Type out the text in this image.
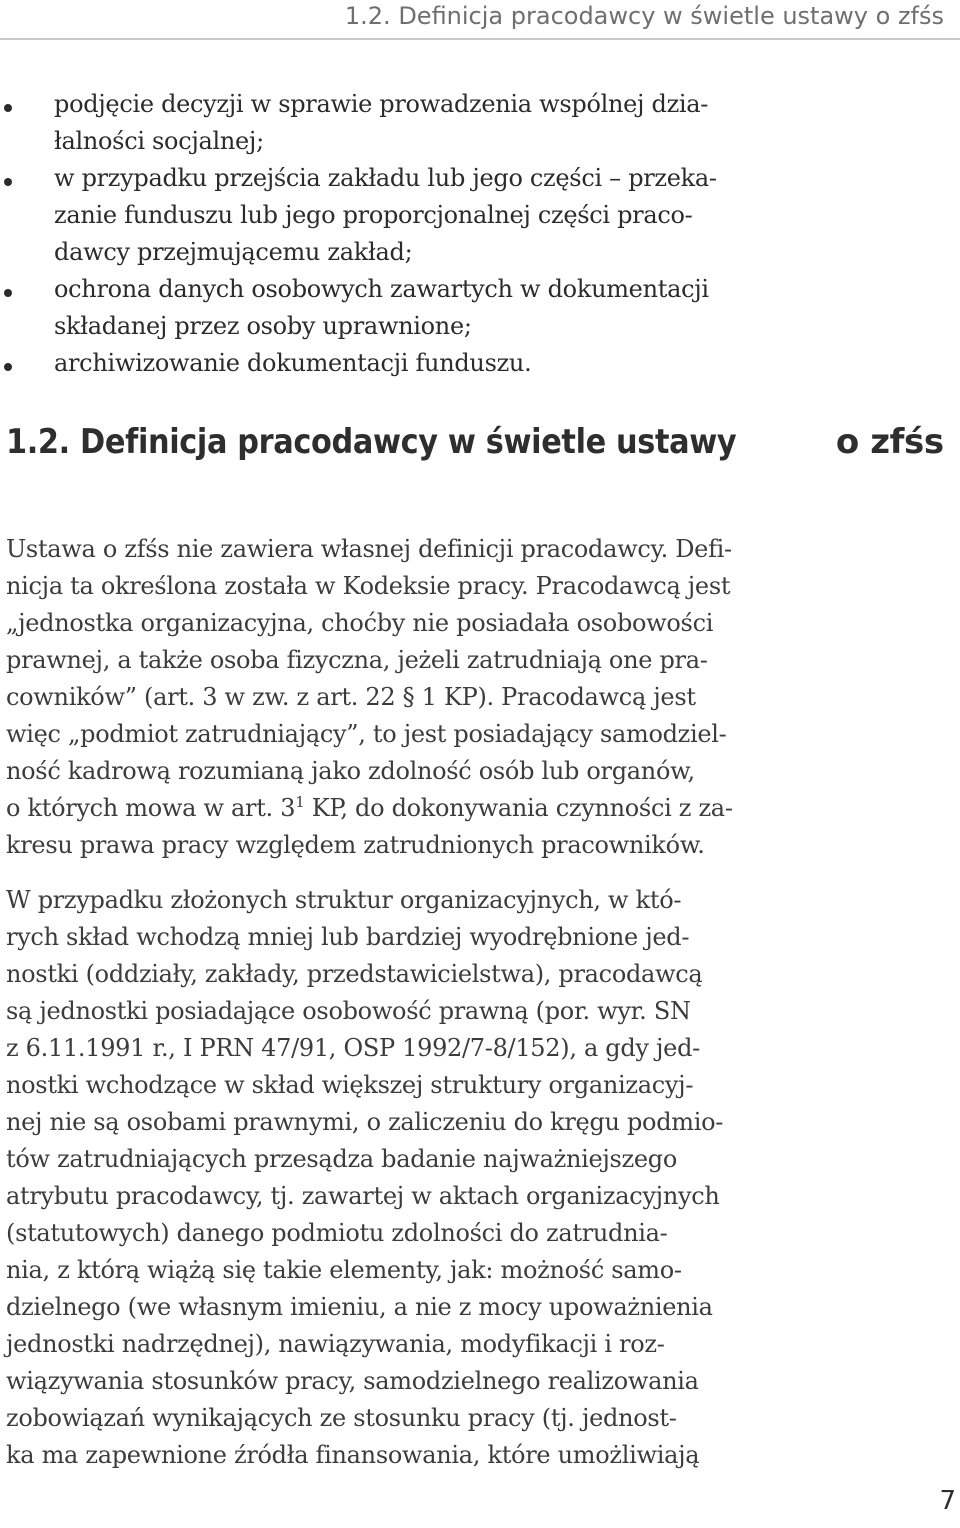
1.2. Definicja pracodawcy w świetle ustawy o zfśs
podjęcie decyzji w sprawie prowadzenia wspólnej dzia-
łalności socjalnej;
w przypadku przejścia zakładu lub jego części – przeka-
zanie funduszu lub jego proporcjonalnej części praco-
dawcy przejmującemu zakład;
ochrona danych osobowych zawartych w dokumentacji
składanej przez osoby uprawnione;
archiwizowanie dokumentacji funduszu.
1.2. Definicja pracodawcy w świetle ustawy	o zfśs
Ustawa o zfśs nie zawiera własnej definicji pracodawcy. Defi-
nicja ta określona została w Kodeksie pracy. Pracodawcą jest
„jednostka organizacyjna, choćby nie posiadała osobowości
prawnej, a także osoba fizyczna, jeżeli zatrudniają one pra-
cowników” (art. 3 w zw. z art. 22 § 1 KP). Pracodawcą jest
więc „podmiot zatrudniający”, to jest posiadający samodziel-
ność kadrową rozumianą jako zdolność osób lub organów,
o których mowa w art. $3^1$ KP, do dokonywania czynności z za-
kresu prawa pracy względem zatrudnionych pracowników.
W przypadku złożonych struktur organizacyjnych, w któ-
rych skład wchodzą mniej lub bardziej wyodrębnione jed-
nostki (oddziały, zakłady, przedstawicielstwa), pracodawcą
są jednostki posiadające osobowość prawną (por. wyr. SN
z 6.11.1991 r., I PRN 47/91, OSP 1992/7-8/152), a gdy jed-
nostki wchodzące w skład większej struktury organizacyj-
nej nie są osobami prawnymi, o zaliczeniu do kręgu podmio-
tów zatrudniających przesądza badanie najważniejszego
atrybutu pracodawcy, tj. zawartej w aktach organizacyjnych
(statutowych) danego podmiotu zdolności do zatrudnia-
nia, z którą wiążą się takie elementy, jak: możność samo-
dzielnego (we własnym imieniu, a nie z mocy upoważnienia
jednostki nadrzędnej), nawiązywania, modyfikacji i roz-
wiązywania stosunków pracy, samodzielnego realizowania
zobowiązań wynikających ze stosunku pracy (tj. jednost-
ka ma zapewnione źródła finansowania, które umożliwiają
7
